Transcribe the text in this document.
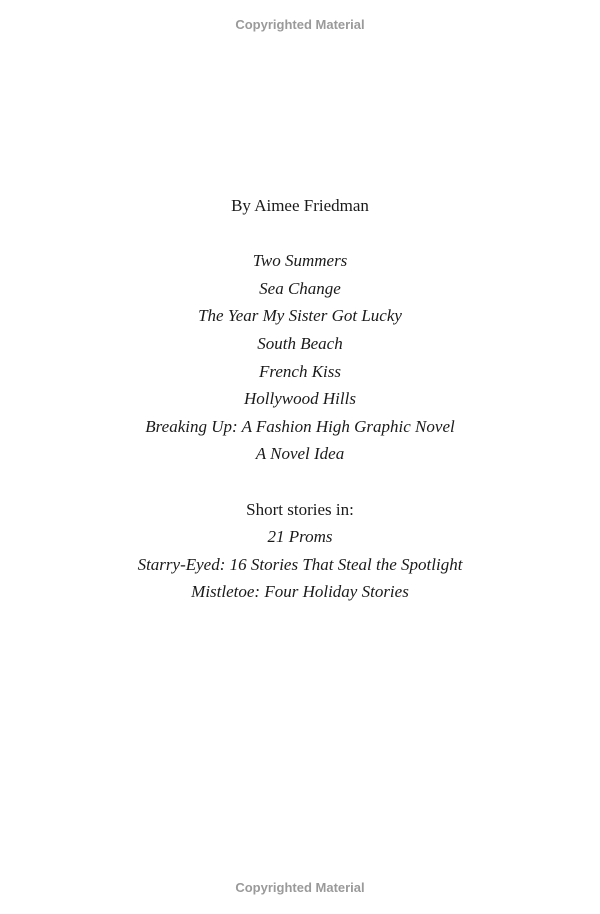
Copyrighted Material
By Aimee Friedman
Two Summers
Sea Change
The Year My Sister Got Lucky
South Beach
French Kiss
Hollywood Hills
Breaking Up: A Fashion High Graphic Novel
A Novel Idea
Short stories in:
21 Proms
Starry-Eyed: 16 Stories That Steal the Spotlight
Mistletoe: Four Holiday Stories
Copyrighted Material
